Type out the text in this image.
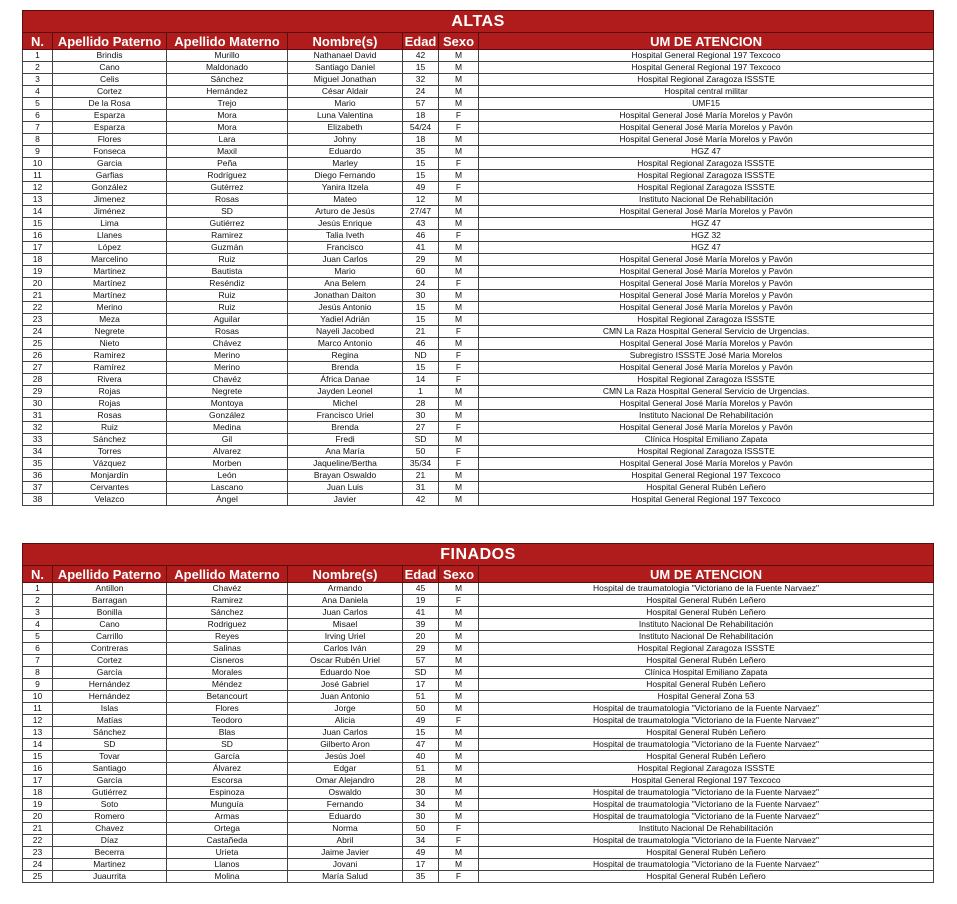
ALTAS						
N.	Apellido Paterno	Apellido Materno	Nombre(s)	Edad	Sexo	UM DE ATENCION
1	Brindis	Murillo	Nathanael David	42	M	Hospital General Regional 197 Texcoco
2	Cano	Maldonado	Santiago Daniel	15	M	Hospital General Regional 197 Texcoco
3	Celis	Sánchez	Miguel Jonathan	32	M	Hospital Regional Zaragoza ISSSTE
4	Cortez	Hernández	César Aldair	24	M	Hospital central militar
5	De la Rosa	Trejo	Mario	57	M	UMF15
6	Esparza	Mora	Luna Valentina	18	F	Hospital General José María Morelos y Pavón
7	Esparza	Mora	Elizabeth	54/24	F	Hospital General José María Morelos y Pavón
8	Flores	Lara	Johny	18	M	Hospital General José María Morelos y Pavón
9	Fonseca	Maxil	Eduardo	35	M	HGZ 47
10	Garcia	Peña	Marley	15	F	Hospital Regional Zaragoza ISSSTE
11	Garfias	Rodríguez	Diego Fernando	15	M	Hospital Regional Zaragoza ISSSTE
12	González	Gutérrez	Yanira Itzela	49	F	Hospital Regional Zaragoza ISSSTE
13	Jimenez	Rosas	Mateo	12	M	Instituto Nacional De Rehabilitación
14	Jiménez	SD	Arturo de Jesús	27/47	M	Hospital General José María Morelos y Pavón
15	Lima	Gutiérrez	Jesús Enrique	43	M	HGZ 47
16	Llanes	Ramirez	Talia Iveth	46	F	HGZ 32
17	López	Guzmán	Francisco	41	M	HGZ 47
18	Marcelino	Ruiz	Juan Carlos	29	M	Hospital General José María Morelos y Pavón
19	Martinez	Bautista	Mario	60	M	Hospital General José María Morelos y Pavón
20	Martínez	Reséndiz	Ana Belem	24	F	Hospital General José María Morelos y Pavón
21	Martínez	Ruiz	Jonathan Daiton	30	M	Hospital General José María Morelos y Pavón
22	Merino	Ruiz	Jesús Antonio	15	M	Hospital General José María Morelos y Pavón
23	Meza	Aguilar	Yadiel Adrián	15	M	Hospital Regional Zaragoza ISSSTE
24	Negrete	Rosas	Nayeli Jacobed	21	F	CMN La Raza Hospital General Servicio de Urgencias.
25	Nieto	Chávez	Marco Antonio	46	M	Hospital General José María Morelos y Pavón
26	Ramirez	Merino	Regina	ND	F	Subregistro ISSSTE José Maria Morelos
27	Ramírez	Merino	Brenda	15	F	Hospital General José María Morelos y Pavón
28	Rivera	Chavéz	África Danae	14	F	Hospital Regional Zaragoza ISSSTE
29	Rojas	Negrete	Jayden Leonel	1	M	CMN La Raza Hospital General Servicio de Urgencias.
30	Rojas	Montoya	Michel	28	M	Hospital General José María Morelos y Pavón
31	Rosas	González	Francisco Uriel	30	M	Instituto Nacional De Rehabilitación
32	Ruiz	Medina	Brenda	27	F	Hospital General José María Morelos y Pavón
33	Sánchez	Gil	Fredi	SD	M	Clínica Hospital Emiliano Zapata
34	Torres	Alvarez	Ana María	50	F	Hospital Regional Zaragoza ISSSTE
35	Vázquez	Morben	Jaqueline/Bertha	35/34	F	Hospital General José María Morelos y Pavón
36	Monjardín	León	Brayan Oswaldo	21	M	Hospital General Regional 197 Texcoco
37	Cervantes	Lascano	Juan Luis	31	M	Hospital General Rubén Leñero
38	Velazco	Ángel	Javier	42	M	Hospital General Regional 197 Texcoco
FINADOS						
N.	Apellido Paterno	Apellido Materno	Nombre(s)	Edad	Sexo	UM DE ATENCION
1	Antillon	Chavéz	Armando	45	M	Hospital de traumatologia "Victoriano de la Fuente Narvaez"
2	Barragan	Ramirez	Ana Daniela	19	F	Hospital General Rubén Leñero
3	Bonilla	Sánchez	Juan Carlos	41	M	Hospital General Rubén Leñero
4	Cano	Rodriguez	Misael	39	M	Instituto Nacional De Rehabilitación
5	Carrillo	Reyes	Irving Uriel	20	M	Instituto Nacional De Rehabilitación
6	Contreras	Salinas	Carlos Iván	29	M	Hospital Regional Zaragoza ISSSTE
7	Cortez	Cisneros	Oscar Rubén Uriel	57	M	Hospital General Rubén Leñero
8	García	Morales	Eduardo Noe	SD	M	Clínica Hospital Emiliano Zapata
9	Hernández	Méndez	José Gabriel	17	M	Hospital General Rubén Leñero
10	Hernández	Betancourt	Juan Antonio	51	M	Hospital General Zona 53
11	Islas	Flores	Jorge	50	M	Hospital de traumatologia "Victoriano de la Fuente Narvaez"
12	Matías	Teodoro	Alicia	49	F	Hospital de traumatologia "Victoriano de la Fuente Narvaez"
13	Sánchez	Blas	Juan Carlos	15	M	Hospital General Rubén Leñero
14	SD	SD	Gilberto Aron	47	M	Hospital de traumatologia "Victoriano de la Fuente Narvaez"
15	Tovar	García	Jesús Joel	40	M	Hospital General Rubén Leñero
16	Santiago	Álvarez	Edgar	51	M	Hospital Regional Zaragoza ISSSTE
17	García	Escorsa	Omar Alejandro	28	M	Hospital General Regional 197 Texcoco
18	Gutiérrez	Espinoza	Oswaldo	30	M	Hospital de traumatologia "Victoriano de la Fuente Narvaez"
19	Soto	Munguía	Fernando	34	M	Hospital de traumatologia "Victoriano de la Fuente Narvaez"
20	Romero	Armas	Eduardo	30	M	Hospital de traumatologia "Victoriano de la Fuente Narvaez"
21	Chavez	Ortega	Norma	50	F	Instituto Nacional De Rehabilitación
22	Díaz	Castañeda	Abril	34	F	Hospital de traumatologia "Victoriano de la Fuente Narvaez"
23	Becerra	Urieta	Jaime Javier	49	M	Hospital General Rubén Leñero
24	Martinez	Llanos	Jovani	17	M	Hospital de traumatologia "Victoriano de la Fuente Narvaez"
25	Juaurrita	Molina	María Salud	35	F	Hospital General Rubén Leñero
